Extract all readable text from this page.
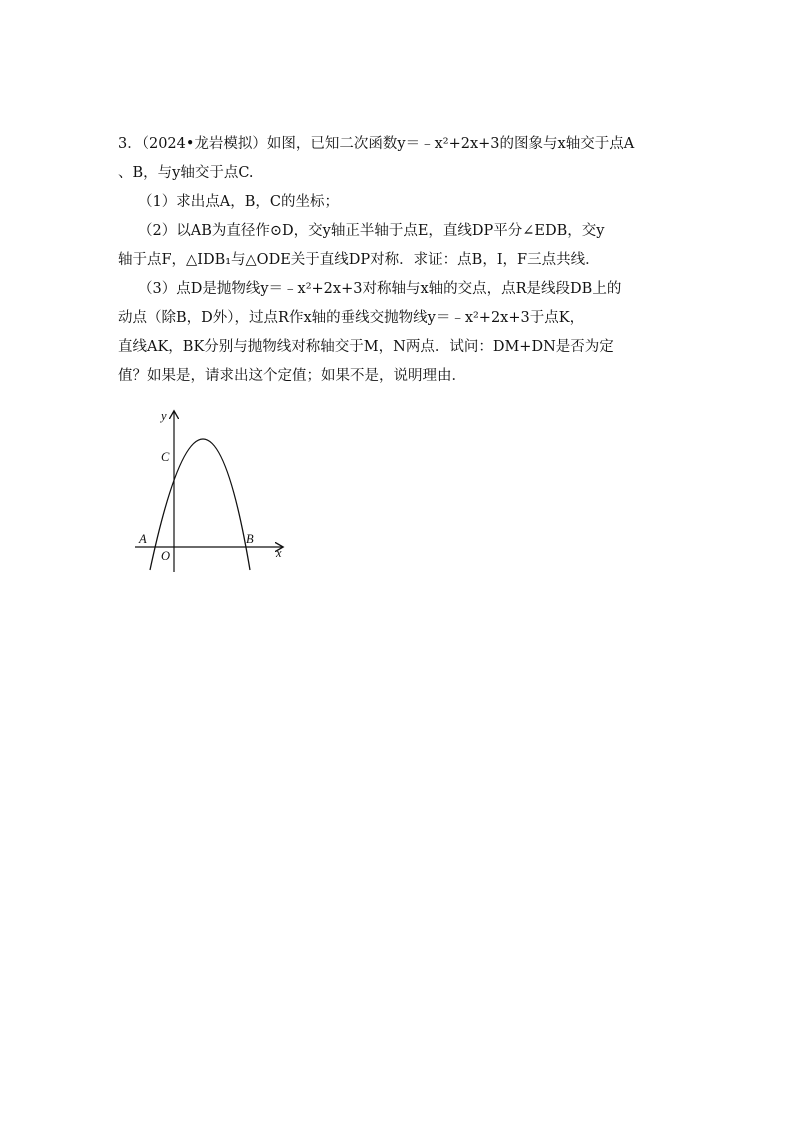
3．（2024•龙岩模拟）如图，已知二次函数y＝﹣x²+2x+3的图象与x轴交于点A
、B，与y轴交于点C.
（1）求出点A，B，C的坐标；
（2）以AB为直径作⊙D，交y轴正半轴于点E，直线DP平分∠EDB，交y
轴于点F，△IDB₁与△ODE关于直线DP对称．求证：点B，I，F三点共线．
（3）点D是抛物线y＝﹣x²+2x+3对称轴与x轴的交点，点R是线段DB上的
动点（除B，D外），过点R作x轴的垂线交抛物线y＝﹣x²+2x+3于点K，
直线AK，BK分别与抛物线对称轴交于M，N两点．试问：DM+DN是否为定
值？如果是，请求出这个定值；如果不是，说明理由．
y
x
C
A	B
O
